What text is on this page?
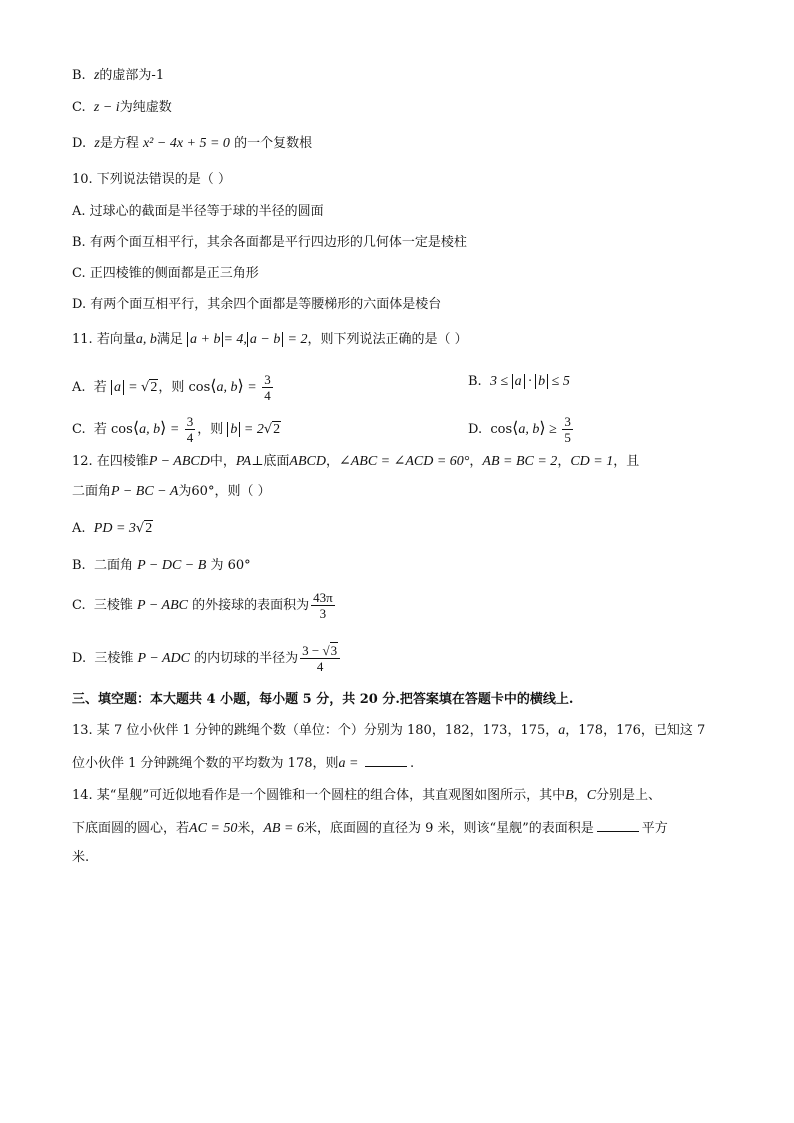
B. z的虚部为-1
C. z − i为纯虚数
D. z是方程 x² − 4x + 5 = 0 的一个复数根
10. 下列说法错误的是（ ）
A. 过球心的截面是半径等于球的半径的圆面
B. 有两个面互相平行，其余各面都是平行四边形的几何体一定是棱柱
C. 正四棱锥的侧面都是正三角形
D. 有两个面互相平行，其余四个面都是等腰梯形的六面体是棱台
11. 若向量a, b满足 a + b = 4, a − b = 2，则下列说法正确的是（ ）
A. 若 a = √2，则 cos⟨a, b⟩ = $\frac{3}{4}$	B. 3 ≤ a · b ≤ 5
C. 若 cos⟨a, b⟩ = $\frac{3}{4}$ ，则 b = 2√2	D. cos⟨a, b⟩ ≥ $\frac{3}{5}$
12. 在四棱锥P − ABCD中，PA⊥底面ABCD，∠ABC = ∠ACD = 60°，AB = BC = 2，CD = 1，且
二面角P − BC − A为60°，则（ ）
A. PD = 3√2
B. 二面角 P − DC − B 为 60°
C. 三棱锥 P − ABC 的外接球的表面积为 $\frac{43\pi}{3}$
D. 三棱锥 P − ADC 的内切球的半径为 $\frac{3 - √3}{4}$
三、填空题：本大题共 4 小题，每小题 5 分，共 20 分.把答案填在答题卡中的横线上.
13. 某 7 位小伙伴 1 分钟的跳绳个数（单位：个）分别为 180，182，173，175，a，178，176，已知这 7
位小伙伴 1 分钟跳绳个数的平均数为 178，则a =	.
14. 某“星舰”可近似地看作是一个圆锥和一个圆柱的组合体，其直观图如图所示，其中B，C分别是上、
下底面圆的圆心，若AC = 50米，AB = 6米，底面圆的直径为 9 米，则该“星舰”的表面积是	平方
米.
